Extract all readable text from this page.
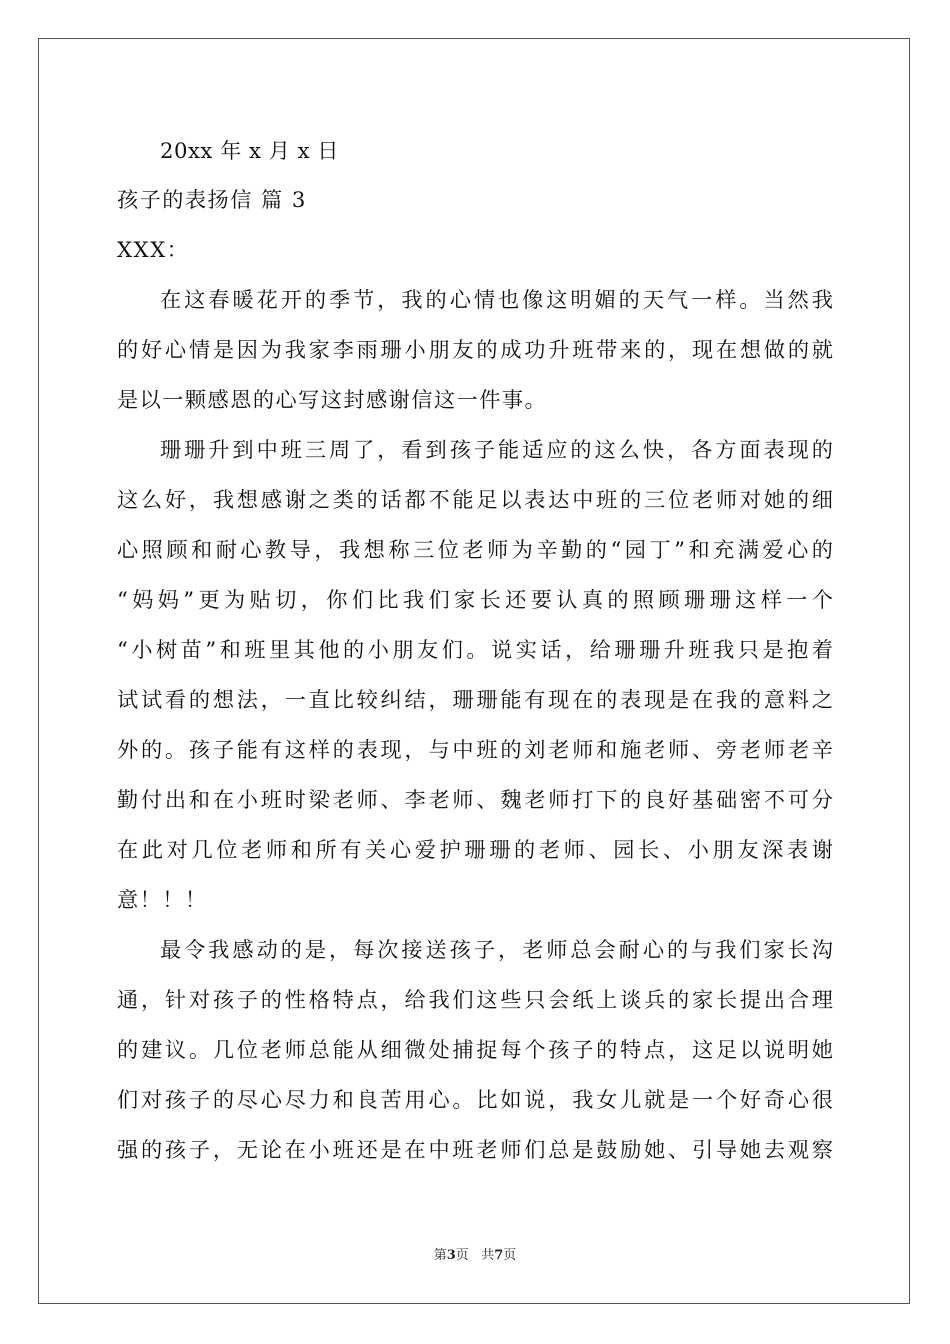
20xx 年 x 月 x 日
孩子的表扬信 篇 3
XXX：
在这春暖花开的季节，我的心情也像这明媚的天气一样。当然我
的好心情是因为我家李雨珊小朋友的成功升班带来的，现在想做的就
是以一颗感恩的心写这封感谢信这一件事。
珊珊升到中班三周了，看到孩子能适应的这么快，各方面表现的
这么好，我想感谢之类的话都不能足以表达中班的三位老师对她的细
心照顾和耐心教导，我想称三位老师为辛勤的“园丁”和充满爱心的
“妈妈”更为贴切，你们比我们家长还要认真的照顾珊珊这样一个
“小树苗”和班里其他的小朋友们。说实话，给珊珊升班我只是抱着
试试看的想法，一直比较纠结，珊珊能有现在的表现是在我的意料之
外的。孩子能有这样的表现，与中班的刘老师和施老师、旁老师老辛
勤付出和在小班时梁老师、李老师、魏老师打下的良好基础密不可分
在此对几位老师和所有关心爱护珊珊的老师、园长、小朋友深表谢
意！！！
最令我感动的是，每次接送孩子，老师总会耐心的与我们家长沟
通，针对孩子的性格特点，给我们这些只会纸上谈兵的家长提出合理
的建议。几位老师总能从细微处捕捉每个孩子的特点，这足以说明她
们对孩子的尽心尽力和良苦用心。比如说，我女儿就是一个好奇心很
强的孩子，无论在小班还是在中班老师们总是鼓励她、引导她去观察
第3页 共7页
